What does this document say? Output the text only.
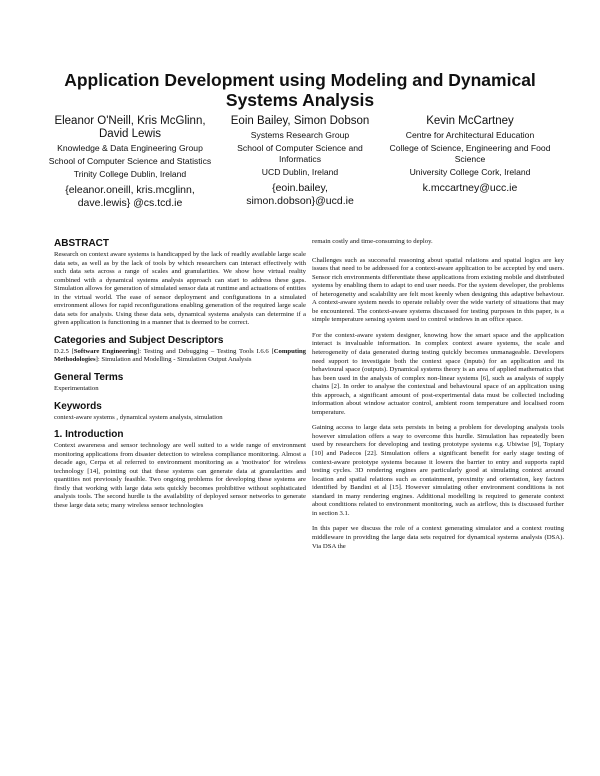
Application Development using Modeling and Dynamical Systems Analysis
Eleanor O'Neill, Kris McGlinn, David Lewis
Knowledge & Data Engineering Group
School of Computer Science and Statistics
Trinity College Dublin, Ireland
{eleanor.oneill, kris.mcglinn, dave.lewis} @cs.tcd.ie
Eoin Bailey, Simon Dobson
Systems Research Group
School of Computer Science and Informatics
UCD Dublin, Ireland
{eoin.bailey, simon.dobson}@ucd.ie
Kevin McCartney
Centre for Architectural Education
College of Science, Engineering and Food Science
University College Cork, Ireland
k.mccartney@ucc.ie
ABSTRACT

Research on context aware systems is handicapped by the lack of readily available large scale data sets, as well as by the lack of tools by which researchers can interact effectively with such data sets across a range of scales and granularities. We show how virtual reality combined with a dynamical systems analysis approach can start to address these gaps. Simulation allows for generation of simulated sensor data at runtime and actuations of entities in the virtual world. The ease of sensor deployment and configurations in a simulated environment allows for rapid reconfigurations enabling generation of the required large scale data sets for analysis. Using these data sets, dynamical systems analysis can determine if a given application is functioning in a manner that is deemed to be correct.

Categories and Subject Descriptors

D.2.5 [Software Engineering]: Testing and Debugging – Testing Tools I.6.6 [Computing Methodologies]: Simulation and Modelling - Simulation Output Analysis

General Terms

Experimentation

Keywords

context-aware systems , dynamical system analysis, simulation

1. Introduction

Context awareness and sensor technology are well suited to a wide range of environment monitoring applications from disaster detection to wireless compliance monitoring. Almost a decade ago, Cerpa et al referred to environment monitoring as a 'motivator' for wireless technology [14], pointing out that these systems can generate data at granularities and quantities not previously feasible. Two ongoing problems for developing these systems are firstly that working with large data sets quickly becomes prohibitive without sophisticated analysis tools. The second hurdle is the availability of deployed sensor networks to generate these large data sets; many wireless sensor technologies

remain costly and time-consuming to deploy.

Challenges such as successful reasoning about spatial relations and spatial logics are key issues that need to be addressed for a context-aware application to be accepted by end users. Sensor rich environments differentiate these applications from existing mobile and distributed systems by enabling them to adapt to end user needs. For the system developer, the problems of heterogeneity and scalability are felt most keenly when designing this adaptive behaviour. A context-aware system needs to operate reliably over the wide variety of situations that may be encountered. The context-aware systems discussed for testing purposes in this paper, is a simple temperature sensing system used to control windows in an office space.

For the context-aware system designer, knowing how the smart space and the application interact is invaluable information. In complex context aware systems, the scale and heterogeneity of data generated during testing quickly becomes unmanageable. Developers need support to investigate both the context space (inputs) for an application and its behavioural space (outputs). Dynamical systems theory is an area of applied mathematics that has been used in the analysis of complex non-linear systems [6], such as analysis of supply chains [2]. In order to analyse the contextual and behavioural space of an application using this approach, a significant amount of post-experimental data must be collected including information about window actuator control, ambient room temperature and localised room temperature.

Gaining access to large data sets persists in being a problem for developing analysis tools however simulation offers a way to overcome this hurdle. Simulation has repeatedly been used by researchers for developing and testing prototype systems e.g. Ubiwise [9], Topiary [10] and Padecos [22]. Simulation offers a significant benefit for early stage testing of context-aware prototype systems because it lowers the barrier to entry and supports rapid testing cycles. 3D rendering engines are particularly good at simulating context around location and spatial relations such as containment, proximity and orientation, key factors identified by Bandini et al [15]. However simulating other environment conditions is not standard in many rendering engines. Additional modelling is required to generate context about conditions related to environment monitoring, such as airflow, this is discussed further in section 3.1.

In this paper we discuss the role of a context generating simulator and a context routing middleware in providing the large data sets required for dynamical systems analysis (DSA). Via DSA the
